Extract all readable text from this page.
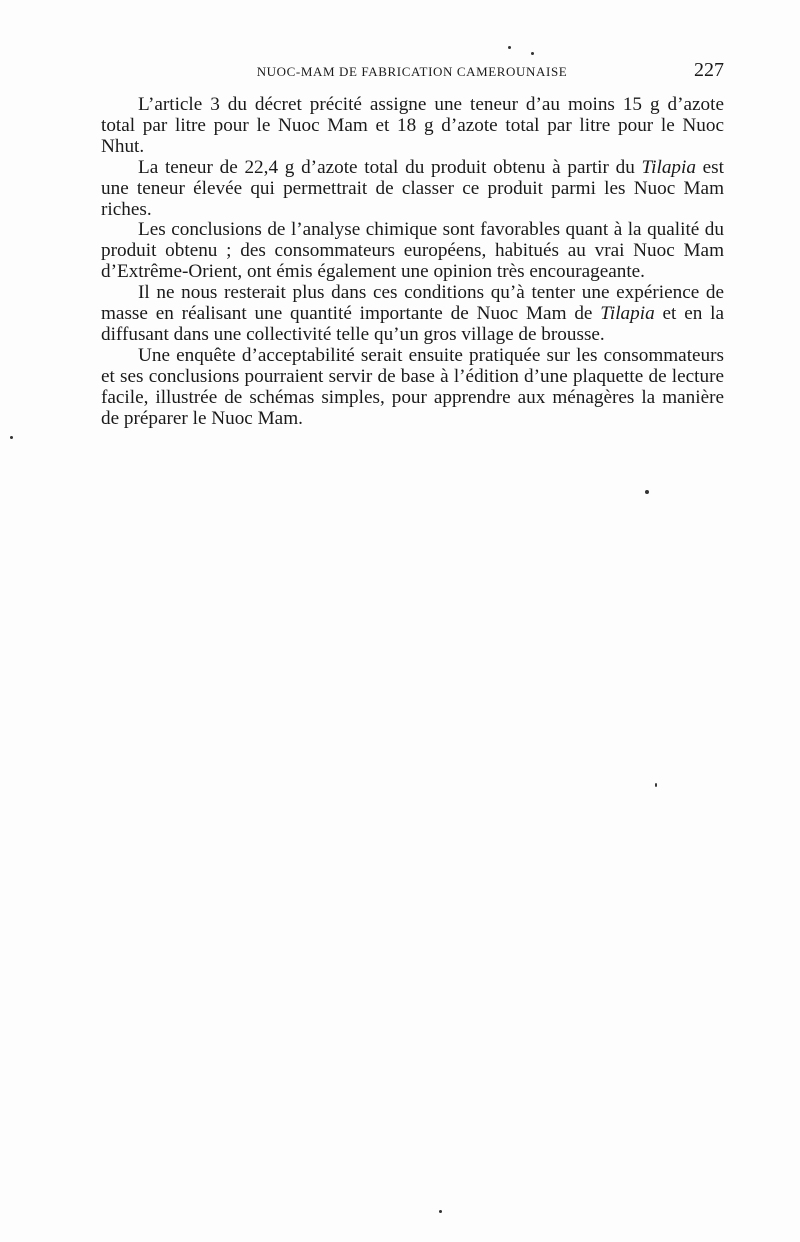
NUOC-MAM DE FABRICATION CAMEROUNAISE	227

L’article 3 du décret précité assigne une teneur d’au moins 15 g d’azote total par litre pour le Nuoc Mam et 18 g d’azote total par litre pour le Nuoc Nhut.

La teneur de 22,4 g d’azote total du produit obtenu à partir du Tilapia est une teneur élevée qui permettrait de classer ce produit parmi les Nuoc Mam riches.

Les conclusions de l’analyse chimique sont favorables quant à la qualité du produit obtenu ; des consommateurs européens, habitués au vrai Nuoc Mam d’Extrême-Orient, ont émis également une opinion très encourageante.

Il ne nous resterait plus dans ces conditions qu’à tenter une expérience de masse en réalisant une quantité importante de Nuoc Mam de Tilapia et en la diffusant dans une collectivité telle qu’un gros village de brousse.

Une enquête d’acceptabilité serait ensuite pratiquée sur les consommateurs et ses conclusions pourraient servir de base à l’édition d’une plaquette de lecture facile, illustrée de schémas simples, pour apprendre aux ménagères la manière de préparer le Nuoc Mam.
